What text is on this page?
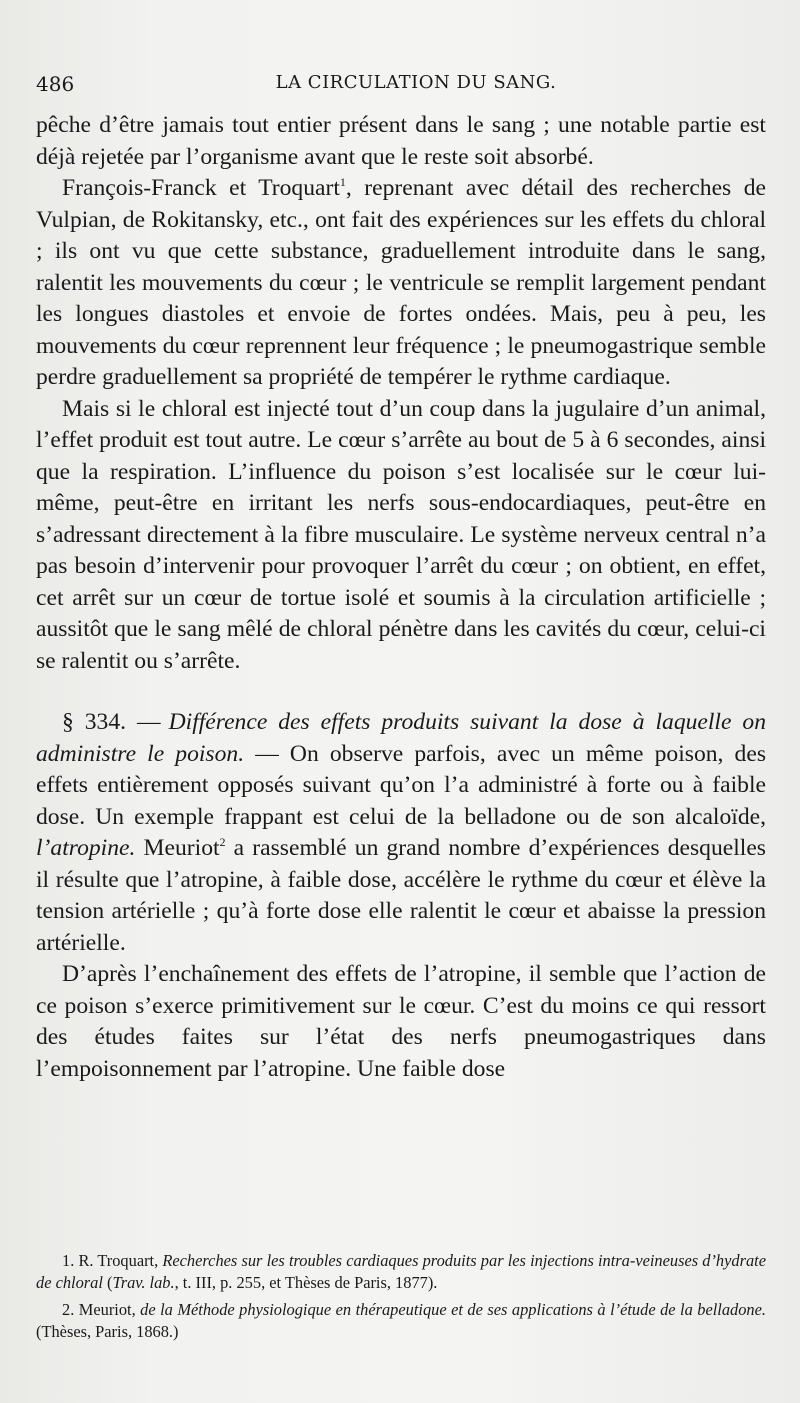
486	LA CIRCULATION DU SANG.

pêche d’être jamais tout entier présent dans le sang ; une notable partie est déjà rejetée par l’organisme avant que le reste soit absorbé.

François-Franck et Troquart$^1$, reprenant avec détail des recherches de Vulpian, de Rokitansky, etc., ont fait des expériences sur les effets du chloral ; ils ont vu que cette substance, graduellement introduite dans le sang, ralentit les mouvements du cœur ; le ventricule se remplit largement pendant les longues diastoles et envoie de fortes ondées. Mais, peu à peu, les mouvements du cœur reprennent leur fréquence ; le pneumogastrique semble perdre graduellement sa propriété de tempérer le rythme cardiaque.

Mais si le chloral est injecté tout d’un coup dans la jugulaire d’un animal, l’effet produit est tout autre. Le cœur s’arrête au bout de 5 à 6 secondes, ainsi que la respiration. L’influence du poison s’est localisée sur le cœur lui-même, peut-être en irritant les nerfs sous-endocardiaques, peut-être en s’adressant directement à la fibre musculaire. Le système nerveux central n’a pas besoin d’intervenir pour provoquer l’arrêt du cœur ; on obtient, en effet, cet arrêt sur un cœur de tortue isolé et soumis à la circulation artificielle ; aussitôt que le sang mêlé de chloral pénètre dans les cavités du cœur, celui-ci se ralentit ou s’arrête.

§ 334. — Différence des effets produits suivant la dose à laquelle on administre le poison. — On observe parfois, avec un même poison, des effets entièrement opposés suivant qu’on l’a administré à forte ou à faible dose. Un exemple frappant est celui de la belladone ou de son alcaloïde, l’atropine. Meuriot$^2$ a rassemblé un grand nombre d’expériences desquelles il résulte que l’atropine, à faible dose, accélère le rythme du cœur et élève la tension artérielle ; qu’à forte dose elle ralentit le cœur et abaisse la pression artérielle.

D’après l’enchaînement des effets de l’atropine, il semble que l’action de ce poison s’exerce primitivement sur le cœur. C’est du moins ce qui ressort des études faites sur l’état des nerfs pneumogastriques dans l’empoisonnement par l’atropine. Une faible dose

1. R. Troquart, Recherches sur les troubles cardiaques produits par les injections intra-veineuses d’hydrate de chloral (Trav. lab., t. III, p. 255, et Thèses de Paris, 1877).

2. Meuriot, de la Méthode physiologique en thérapeutique et de ses applications à l’étude de la belladone. (Thèses, Paris, 1868.)
